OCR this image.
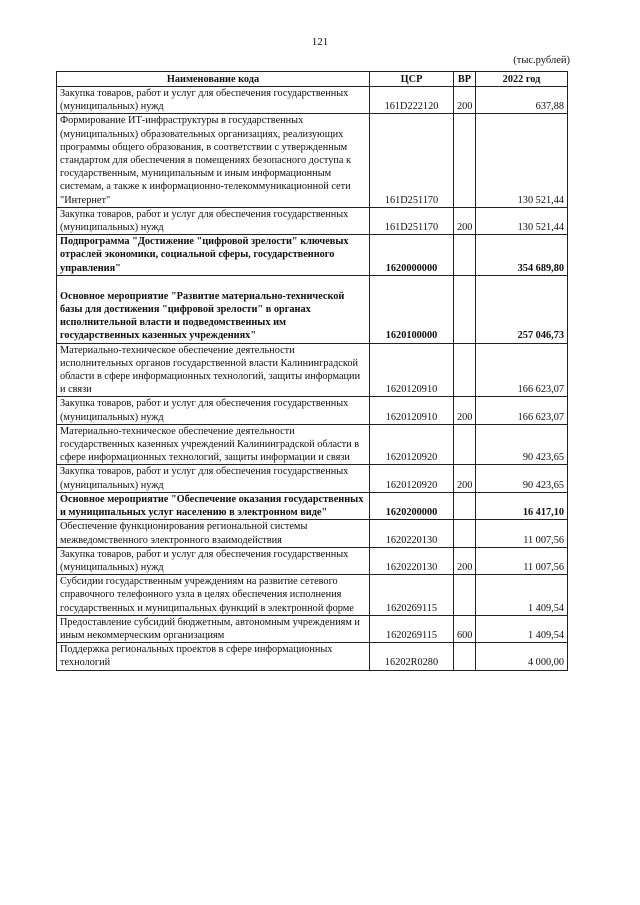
121
(тыс.рублей)
Наименование кода	ЦСР	ВР	2022 год
Закупка товаров, работ и услуг для обеспечения государственных (муниципальных) нужд	161D222120	200	637,88
Формирование ИТ-инфраструктуры в государственных (муниципальных) образовательных организациях, реализующих программы общего образования, в соответствии с утвержденным стандартом для обеспечения в помещениях безопасного доступа к государственным, муниципальным и иным информационным системам, а также к информационно-телекоммуникационной сети "Интернет"	161D251170		130 521,44
Закупка товаров, работ и услуг для обеспечения государственных (муниципальных) нужд	161D251170	200	130 521,44
Подпрограмма "Достижение "цифровой зрелости" ключевых отраслей экономики, социальной сферы, государственного управления"	1620000000		354 689,80
Основное мероприятие "Развитие материально-технической базы для достижения "цифровой зрелости" в органах исполнительной власти и подведомственных им государственных казенных учреждениях"	1620100000		257 046,73
Материально-техническое обеспечение деятельности исполнительных органов государственной власти Калининградской области в сфере информационных технологий, защиты информации и связи	1620120910		166 623,07
Закупка товаров, работ и услуг для обеспечения государственных (муниципальных) нужд	1620120910	200	166 623,07
Материально-техническое обеспечение деятельности государственных казенных учреждений Калининградской области в сфере информационных технологий, защиты информации и связи	1620120920		90 423,65
Закупка товаров, работ и услуг для обеспечения государственных (муниципальных) нужд	1620120920	200	90 423,65
Основное мероприятие "Обеспечение оказания государственных и муниципальных услуг населению в электронном виде"	1620200000		16 417,10
Обеспечение функционирования региональной системы межведомственного электронного взаимодействия	1620220130		11 007,56
Закупка товаров, работ и услуг для обеспечения государственных (муниципальных) нужд	1620220130	200	11 007,56
Субсидии государственным учреждениям на развитие сетевого справочного телефонного узла в целях обеспечения исполнения государственных и муниципальных функций в электронной форме	1620269115		1 409,54
Предоставление субсидий бюджетным, автономным учреждениям и иным некоммерческим организациям	1620269115	600	1 409,54
Поддержка региональных проектов в сфере информационных технологий	16202R0280		4 000,00
